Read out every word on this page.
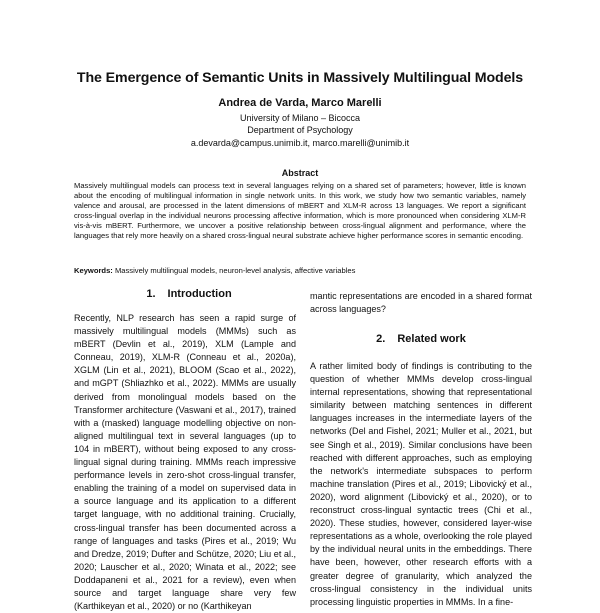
The Emergence of Semantic Units in Massively Multilingual Models
Andrea de Varda, Marco Marelli
University of Milano – Bicocca
Department of Psychology
a.devarda@campus.unimib.it, marco.marelli@unimib.it
Abstract
Massively multilingual models can process text in several languages relying on a shared set of parameters; however, little is known about the encoding of multilingual information in single network units. In this work, we study how two semantic variables, namely valence and arousal, are processed in the latent dimensions of mBERT and XLM-R across 13 languages. We report a significant cross-lingual overlap in the individual neurons processing affective information, which is more pronounced when considering XLM-R vis-à-vis mBERT. Furthermore, we uncover a positive relationship between cross-lingual alignment and performance, where the languages that rely more heavily on a shared cross-lingual neural substrate achieve higher performance scores in semantic encoding.
Keywords: Massively multilingual models, neuron-level analysis, affective variables
1. Introduction

Recently, NLP research has seen a rapid surge of massively multilingual models (MMMs) such as mBERT (Devlin et al., 2019), XLM (Lample and Conneau, 2019), XLM-R (Conneau et al., 2020a), XGLM (Lin et al., 2021), BLOOM (Scao et al., 2022), and mGPT (Shliazhko et al., 2022). MMMs are usually derived from monolingual models based on the Transformer architecture (Vaswani et al., 2017), trained with a (masked) language modelling objective on non-aligned multilingual text in several languages (up to 104 in mBERT), without being exposed to any cross-lingual signal during training. MMMs reach impressive performance levels in zero-shot cross-lingual transfer, enabling the training of a model on supervised data in a source language and its application to a different target language, with no additional training. Crucially, cross-lingual transfer has been documented across a range of languages and tasks (Pires et al., 2019; Wu and Dredze, 2019; Dufter and Schütze, 2020; Liu et al., 2020; Lauscher et al., 2020; Winata et al., 2022; see Doddapaneni et al., 2021 for a review), even when source and target language share very few (Karthikeyan et al., 2020) or no (Karthikeyan

mantic representations are encoded in a shared format across languages?

2. Related work

A rather limited body of findings is contributing to the question of whether MMMs develop cross-lingual internal representations, showing that representational similarity between matching sentences in different languages increases in the intermediate layers of the networks (Del and Fishel, 2021; Muller et al., 2021, but see Singh et al., 2019). Similar conclusions have been reached with different approaches, such as employing the network's intermediate subspaces to perform machine translation (Pires et al., 2019; Libovický et al., 2020), word alignment (Libovický et al., 2020), or to reconstruct cross-lingual syntactic trees (Chi et al., 2020). These studies, however, considered layer-wise representations as a whole, overlooking the role played by the individual neural units in the embeddings. There have been, however, other research efforts with a greater degree of granularity, which analyzed the cross-lingual consistency in the individual units processing linguistic properties in MMMs. In a fine-
